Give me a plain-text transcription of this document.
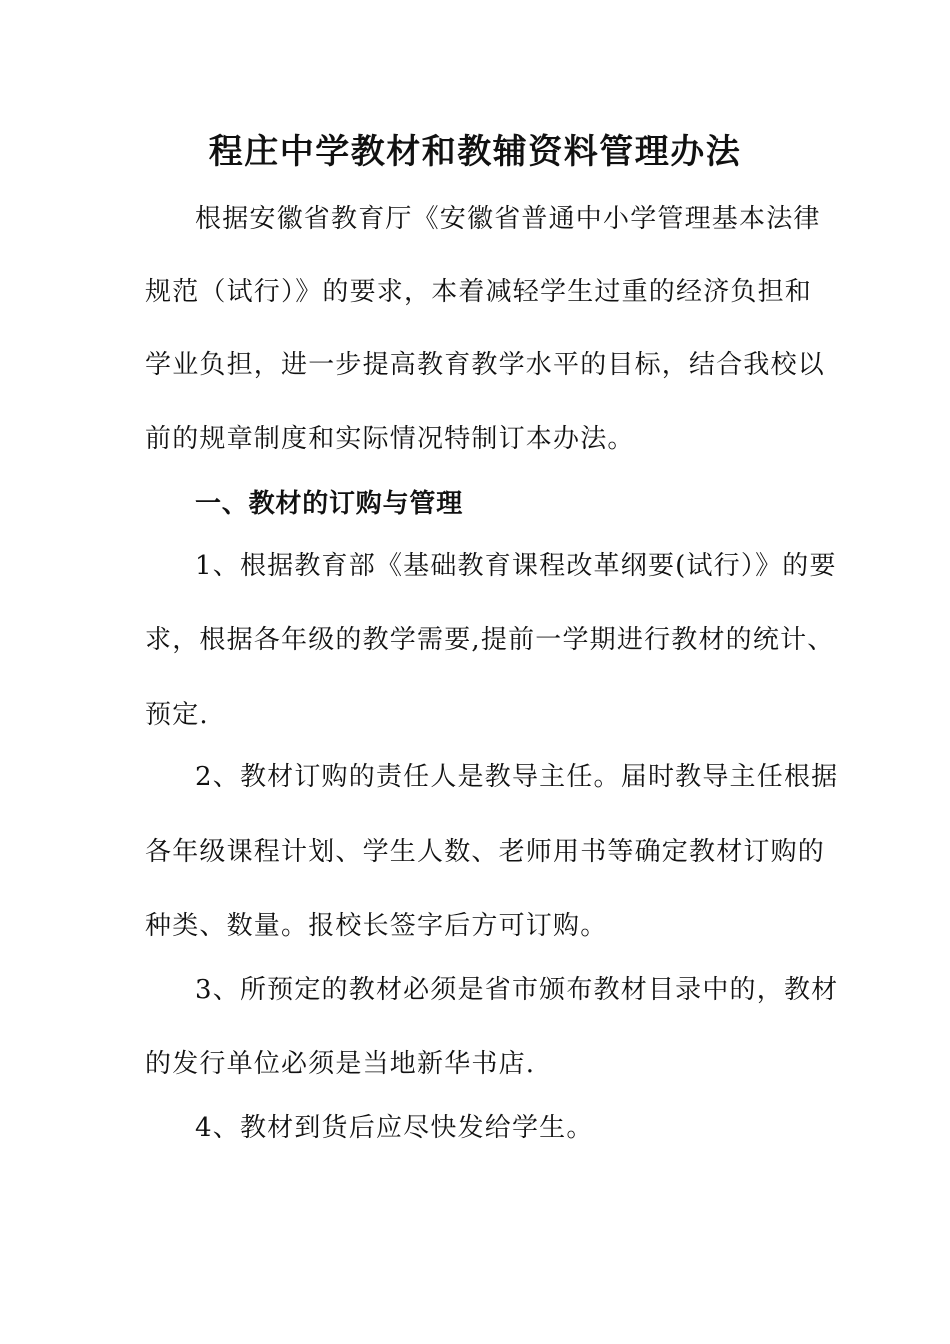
程庄中学教材和教辅资料管理办法
根据安徽省教育厅《安徽省普通中小学管理基本法律
规范（试行）》的要求，本着减轻学生过重的经济负担和
学业负担，进一步提高教育教学水平的目标，结合我校以
前的规章制度和实际情况特制订本办法。
一、教材的订购与管理
1、根据教育部《基础教育课程改革纲要(试行）》的要
求，根据各年级的教学需要,提前一学期进行教材的统计、
预定.
2、教材订购的责任人是教导主任。届时教导主任根据
各年级课程计划、学生人数、老师用书等确定教材订购的
种类、数量。报校长签字后方可订购。
3、所预定的教材必须是省市颁布教材目录中的，教材
的发行单位必须是当地新华书店.
4、教材到货后应尽快发给学生。
